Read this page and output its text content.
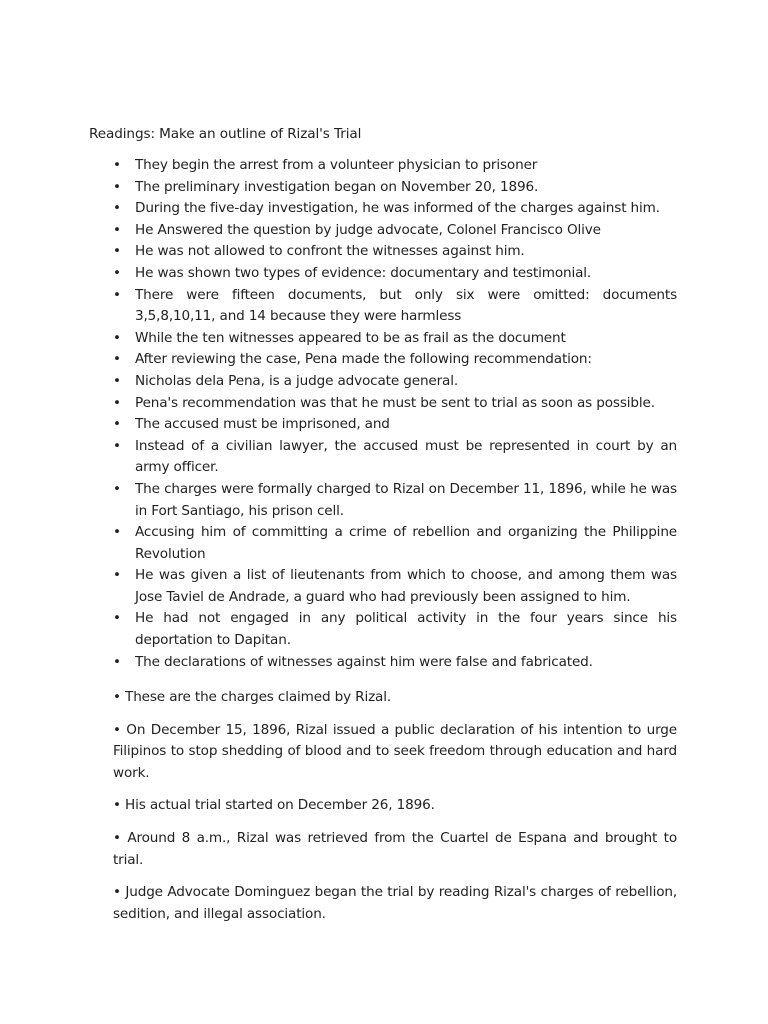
Readings: Make an outline of Rizal's Trial
• They begin the arrest from a volunteer physician to prisoner
• The preliminary investigation began on November 20, 1896.
• During the five-day investigation, he was informed of the charges against him.
• He Answered the question by judge advocate, Colonel Francisco Olive
• He was not allowed to confront the witnesses against him.
• He was shown two types of evidence: documentary and testimonial.
• There were fifteen documents, but only six were omitted: documents 3,5,8,10,11, and 14 because they were harmless
• While the ten witnesses appeared to be as frail as the document
• After reviewing the case, Pena made the following recommendation:
• Nicholas dela Pena, is a judge advocate general.
• Pena's recommendation was that he must be sent to trial as soon as possible.
• The accused must be imprisoned, and
• Instead of a civilian lawyer, the accused must be represented in court by an army officer.
• The charges were formally charged to Rizal on December 11, 1896, while he was in Fort Santiago, his prison cell.
• Accusing him of committing a crime of rebellion and organizing the Philippine Revolution
• He was given a list of lieutenants from which to choose, and among them was Jose Taviel de Andrade, a guard who had previously been assigned to him.
• He had not engaged in any political activity in the four years since his deportation to Dapitan.
• The declarations of witnesses against him were false and fabricated.

• These are the charges claimed by Rizal.

• On December 15, 1896, Rizal issued a public declaration of his intention to urge Filipinos to stop shedding of blood and to seek freedom through education and hard work.

• His actual trial started on December 26, 1896.

• Around 8 a.m., Rizal was retrieved from the Cuartel de Espana and brought to trial.

• Judge Advocate Dominguez began the trial by reading Rizal's charges of rebellion, sedition, and illegal association.
